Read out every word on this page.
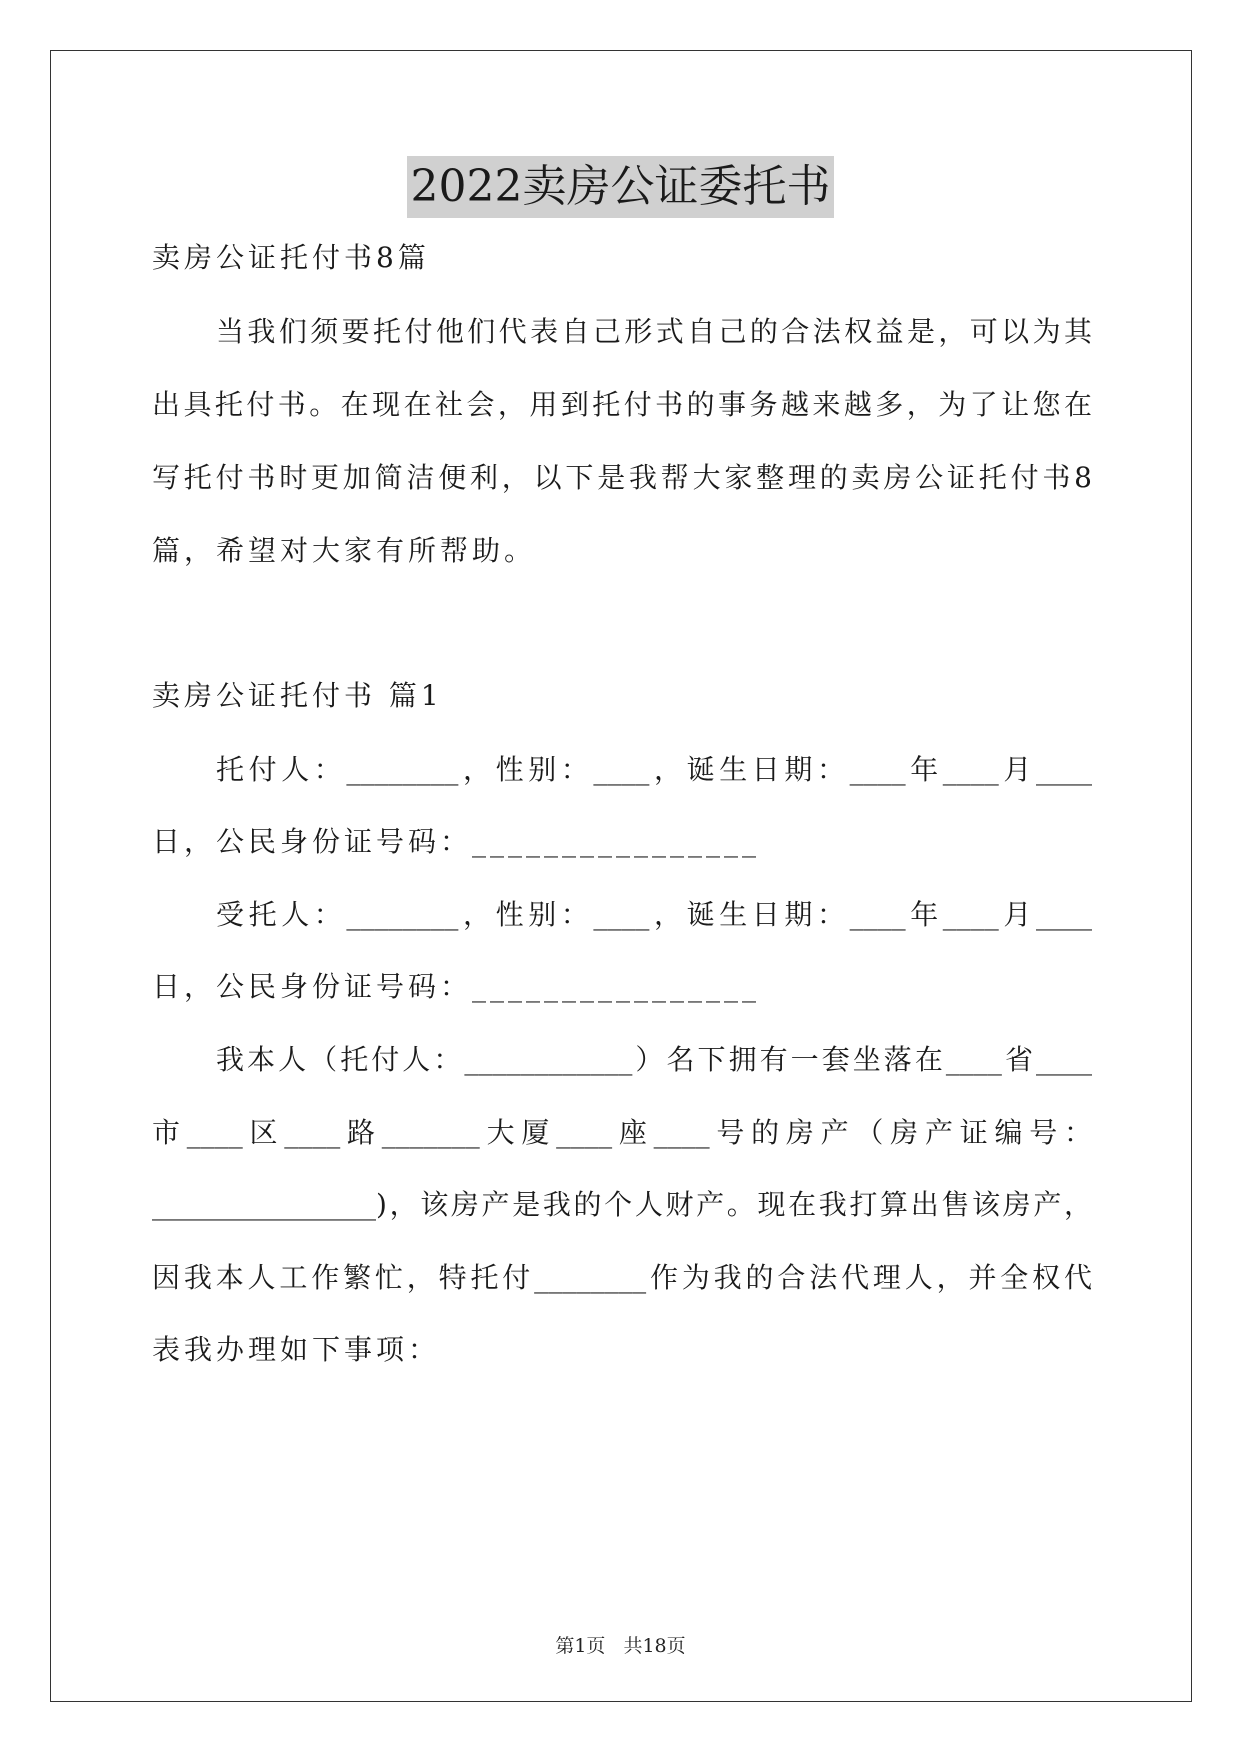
2022卖房公证委托书
卖房公证托付书8篇
当我们须要托付他们代表自己形式自己的合法权益是，可以为其
出具托付书。在现在社会，用到托付书的事务越来越多，为了让您在
写托付书时更加简洁便利，以下是我帮大家整理的卖房公证托付书8
篇，希望对大家有所帮助。
卖房公证托付书 篇1
托付人：________，性别：____，诞生日期：____年____月____
日，公民身份证号码：________________
受托人：________，性别：____，诞生日期：____年____月____
日，公民身份证号码：________________
我本人（托付人：____________）名下拥有一套坐落在____省____
市____区____路_______大厦____座____号的房产（房产证编号：
________________)，该房产是我的个人财产。现在我打算出售该房产，
因我本人工作繁忙，特托付________作为我的合法代理人，并全权代
表我办理如下事项：
第1页 共18页
